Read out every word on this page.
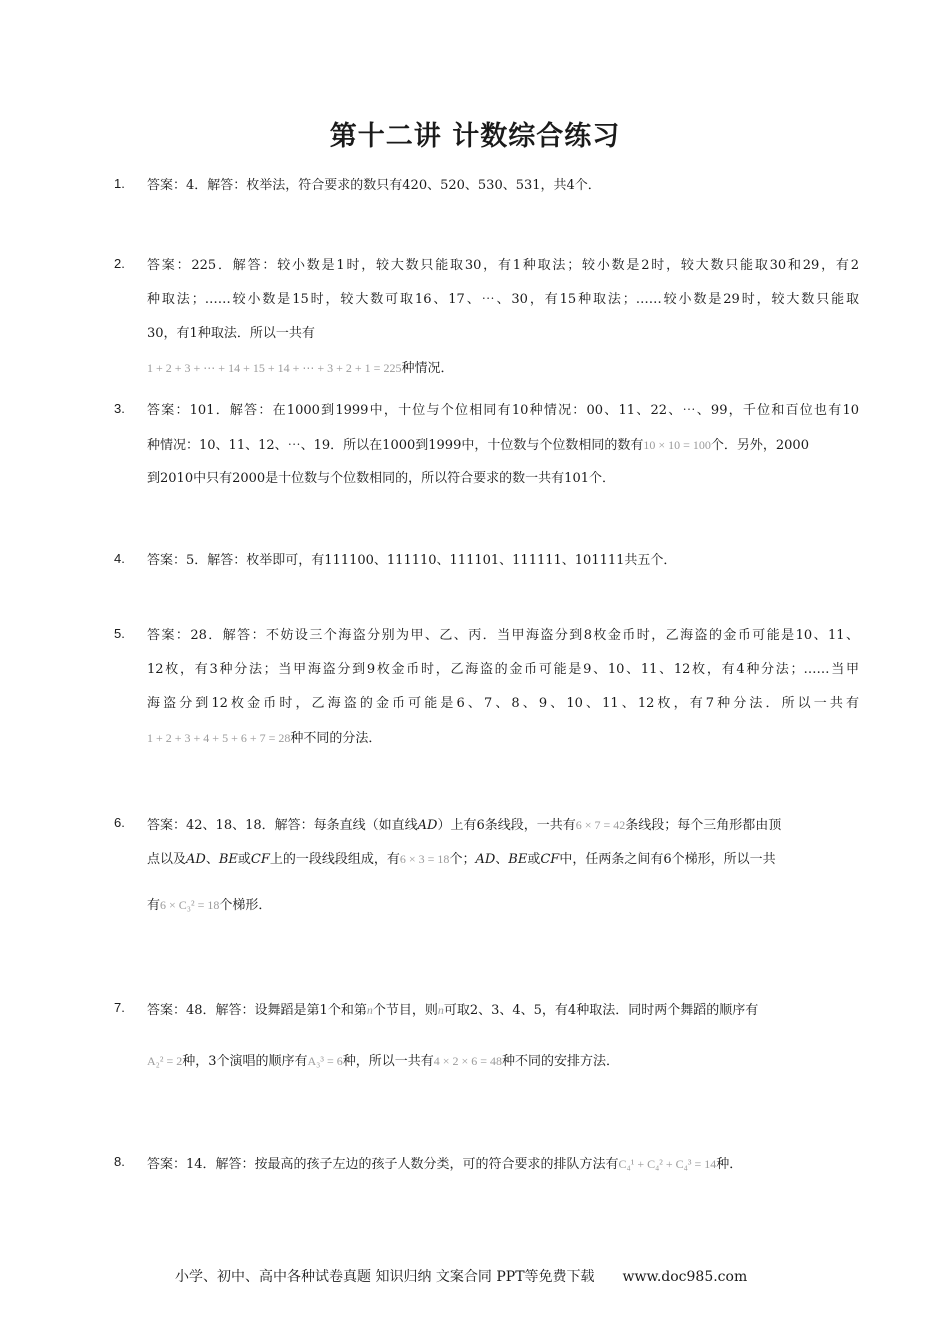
第十二讲 计数综合练习
1. 答案：4．解答：枚举法，符合要求的数只有420、520、530、531，共4个．
2. 答案：225．解答：较小数是1时，较大数只能取30，有1种取法；较小数是2时，较大数只能取30和29，有2
种取法；……较小数是15时，较大数可取16、17、⋯、30，有15种取法；……较小数是29时，较大数只能取
30，有1种取法．所以一共有
1 + 2 + 3 + ⋯ + 14 + 15 + 14 + ⋯ + 3 + 2 + 1 = 225种情况．
3. 答案：101．解答：在1000到1999中，十位与个位相同有10种情况：00、11、22、⋯、99，千位和百位也有10
种情况：10、11、12、⋯、19．所以在1000到1999中，十位数与个位数相同的数有10 × 10 = 100个．另外，2000
到2010中只有2000是十位数与个位数相同的，所以符合要求的数一共有101个．
4. 答案：5．解答：枚举即可，有111100、111110、111101、111111、101111共五个．
5. 答案：28．解答：不妨设三个海盗分别为甲、乙、丙．当甲海盗分到8枚金币时，乙海盗的金币可能是10、11、
12枚，有3种分法；当甲海盗分到9枚金币时，乙海盗的金币可能是9、10、11、12枚，有4种分法；……当甲
海盗分到12枚金币时，乙海盗的金币可能是6、7、8、9、10、11、12枚，有7种分法．所以一共有
1 + 2 + 3 + 4 + 5 + 6 + 7 = 28种不同的分法．
6. 答案：42、18、18．解答：每条直线（如直线AD）上有6条线段，一共有6 × 7 = 42条线段；每个三角形都由顶
点以及AD、BE或CF上的一段线段组成，有6 × 3 = 18个；AD、BE或CF中，任两条之间有6个梯形，所以一共
有6 × C₃² = 18个梯形．
7. 答案：48．解答：设舞蹈是第1个和第n个节目，则n可取2、3、4、5，有4种取法．同时两个舞蹈的顺序有
A₂² = 2种，3个演唱的顺序有A₃³ = 6种，所以一共有4 × 2 × 6 = 48种不同的安排方法．
8. 答案：14．解答：按最高的孩子左边的孩子人数分类，可的符合要求的排队方法有C₄¹ + C₄² + C₄³ = 14种．
小学、初中、高中各种试卷真题 知识归纳 文案合同 PPT等免费下载 www.doc985.com
